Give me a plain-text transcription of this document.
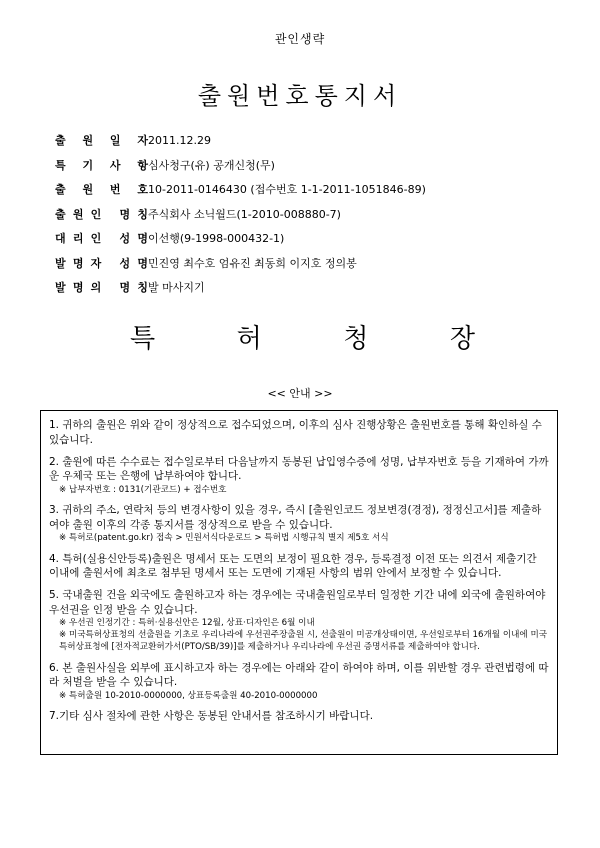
관인생략
출원번호통지서
출 원 일 자 2011.12.29
특 기 사 항 심사청구(유) 공개신청(무)
출 원 번 호 10-2011-0146430 (접수번호 1-1-2011-1051846-89)
출 원 인
명 칭 주식회사 소닉월드(1-2010-008880-7)
대 리 인
성 명 이선행(9-1998-000432-1)
발 명 자
성 명 민진영 최수호 엄유진 최동희 이지호 정의봉
발 명 의
명 칭 발 마사지기
특	허	청	장
<< 안내 >>
1. 귀하의 출원은 위와 같이 정상적으로 접수되었으며, 이후의 심사 진행상황은 출원번호를 통해 확인하실 수 있습니다.
2. 출원에 따른 수수료는 접수일로부터 다음날까지 동봉된 납입영수증에 성명, 납부자번호 등을 기재하여 가까운 우체국 또는 은행에 납부하여야 합니다.
※ 납부자번호 : 0131(기관코드) + 접수번호
3. 귀하의 주소, 연락처 등의 변경사항이 있을 경우, 즉시 [출원인코드 정보변경(경정), 정정신고서]를 제출하여야 출원 이후의 각종 통지서를 정상적으로 받을 수 있습니다.
※ 특허로(patent.go.kr) 접속 > 민원서식다운로드 > 특허법 시행규칙 별지 제5호 서식
4. 특허(실용신안등록)출원은 명세서 또는 도면의 보정이 필요한 경우, 등록결정 이전 또는 의견서 제출기간 이내에 출원서에 최초로 첨부된 명세서 또는 도면에 기재된 사항의 범위 안에서 보정할 수 있습니다.
5. 국내출원 건을 외국에도 출원하고자 하는 경우에는 국내출원일로부터 일정한 기간 내에 외국에 출원하여야 우선권을 인정 받을 수 있습니다.
※ 우선권 인정기간 : 특허·실용신안은 12월, 상표·디자인은 6월 이내
※ 미국특허상표청의 선출원을 기초로 우리나라에 우선권주장출원 시, 선출원이 미공개상태이면, 우선일로부터 16개월 이내에 미국특허상표청에 [전자적교환허가서(PTO/SB/39)]를 제출하거나 우리나라에 우선권 증명서류를 제출하여야 합니다.
6. 본 출원사실을 외부에 표시하고자 하는 경우에는 아래와 같이 하여야 하며, 이를 위반할 경우 관련법령에 따라 처벌을 받을 수 있습니다.
※ 특허출원 10-2010-0000000, 상표등록출원 40-2010-0000000
7.기타 심사 절차에 관한 사항은 동봉된 안내서를 참조하시기 바랍니다.
